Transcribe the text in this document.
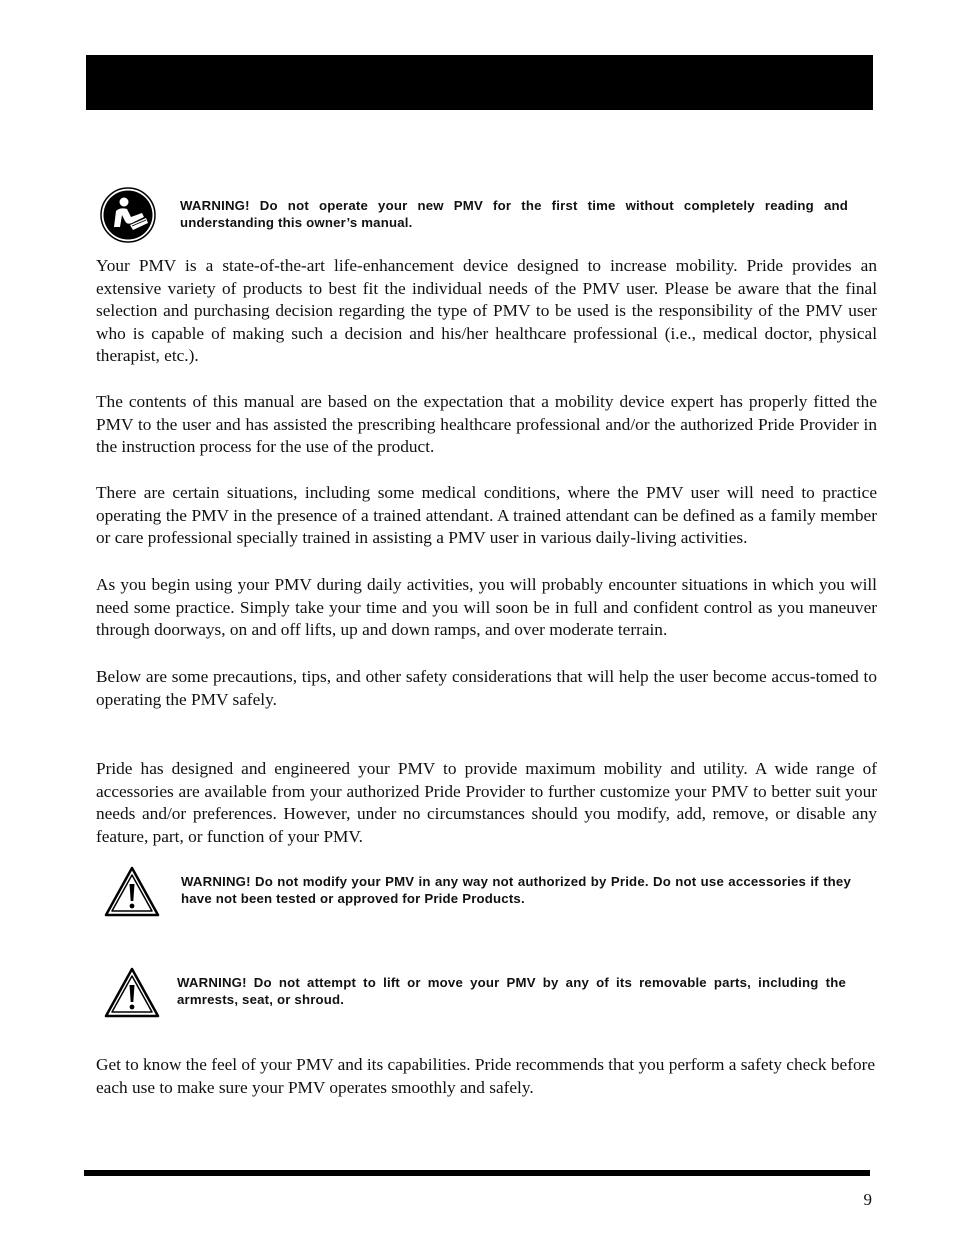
WARNING! Do not operate your new PMV for the first time without completely reading and understanding this owner’s manual.

Your PMV is a state-of-the-art life-enhancement device designed to increase mobility. Pride provides an extensive variety of products to best fit the individual needs of the PMV user. Please be aware that the final selection and purchasing decision regarding the type of PMV to be used is the responsibility of the PMV user who is capable of making such a decision and his/her healthcare professional (i.e., medical doctor, physical therapist, etc.).

The contents of this manual are based on the expectation that a mobility device expert has properly fitted the PMV to the user and has assisted the prescribing healthcare professional and/or the authorized Pride Provider in the instruction process for the use of the product.

There are certain situations, including some medical conditions, where the PMV user will need to practice operating the PMV in the presence of a trained attendant. A trained attendant can be defined as a family member or care professional specially trained in assisting a PMV user in various daily-living activities.

As you begin using your PMV during daily activities, you will probably encounter situations in which you will need some practice. Simply take your time and you will soon be in full and confident control as you maneuver through doorways, on and off lifts, up and down ramps, and over moderate terrain.

Below are some precautions, tips, and other safety considerations that will help the user become accus-tomed to operating the PMV safely.

Pride has designed and engineered your PMV to provide maximum mobility and utility. A wide range of accessories are available from your authorized Pride Provider to further customize your PMV to better suit your needs and/or preferences. However, under no circumstances should you modify, add, remove, or disable any feature, part, or function of your PMV.

WARNING! Do not modify your PMV in any way not authorized by Pride. Do not use accessories if they have not been tested or approved for Pride Products.

WARNING! Do not attempt to lift or move your PMV by any of its removable parts, including the armrests, seat, or shroud.

Get to know the feel of your PMV and its capabilities. Pride recommends that you perform a safety check before each use to make sure your PMV operates smoothly and safely.

9
